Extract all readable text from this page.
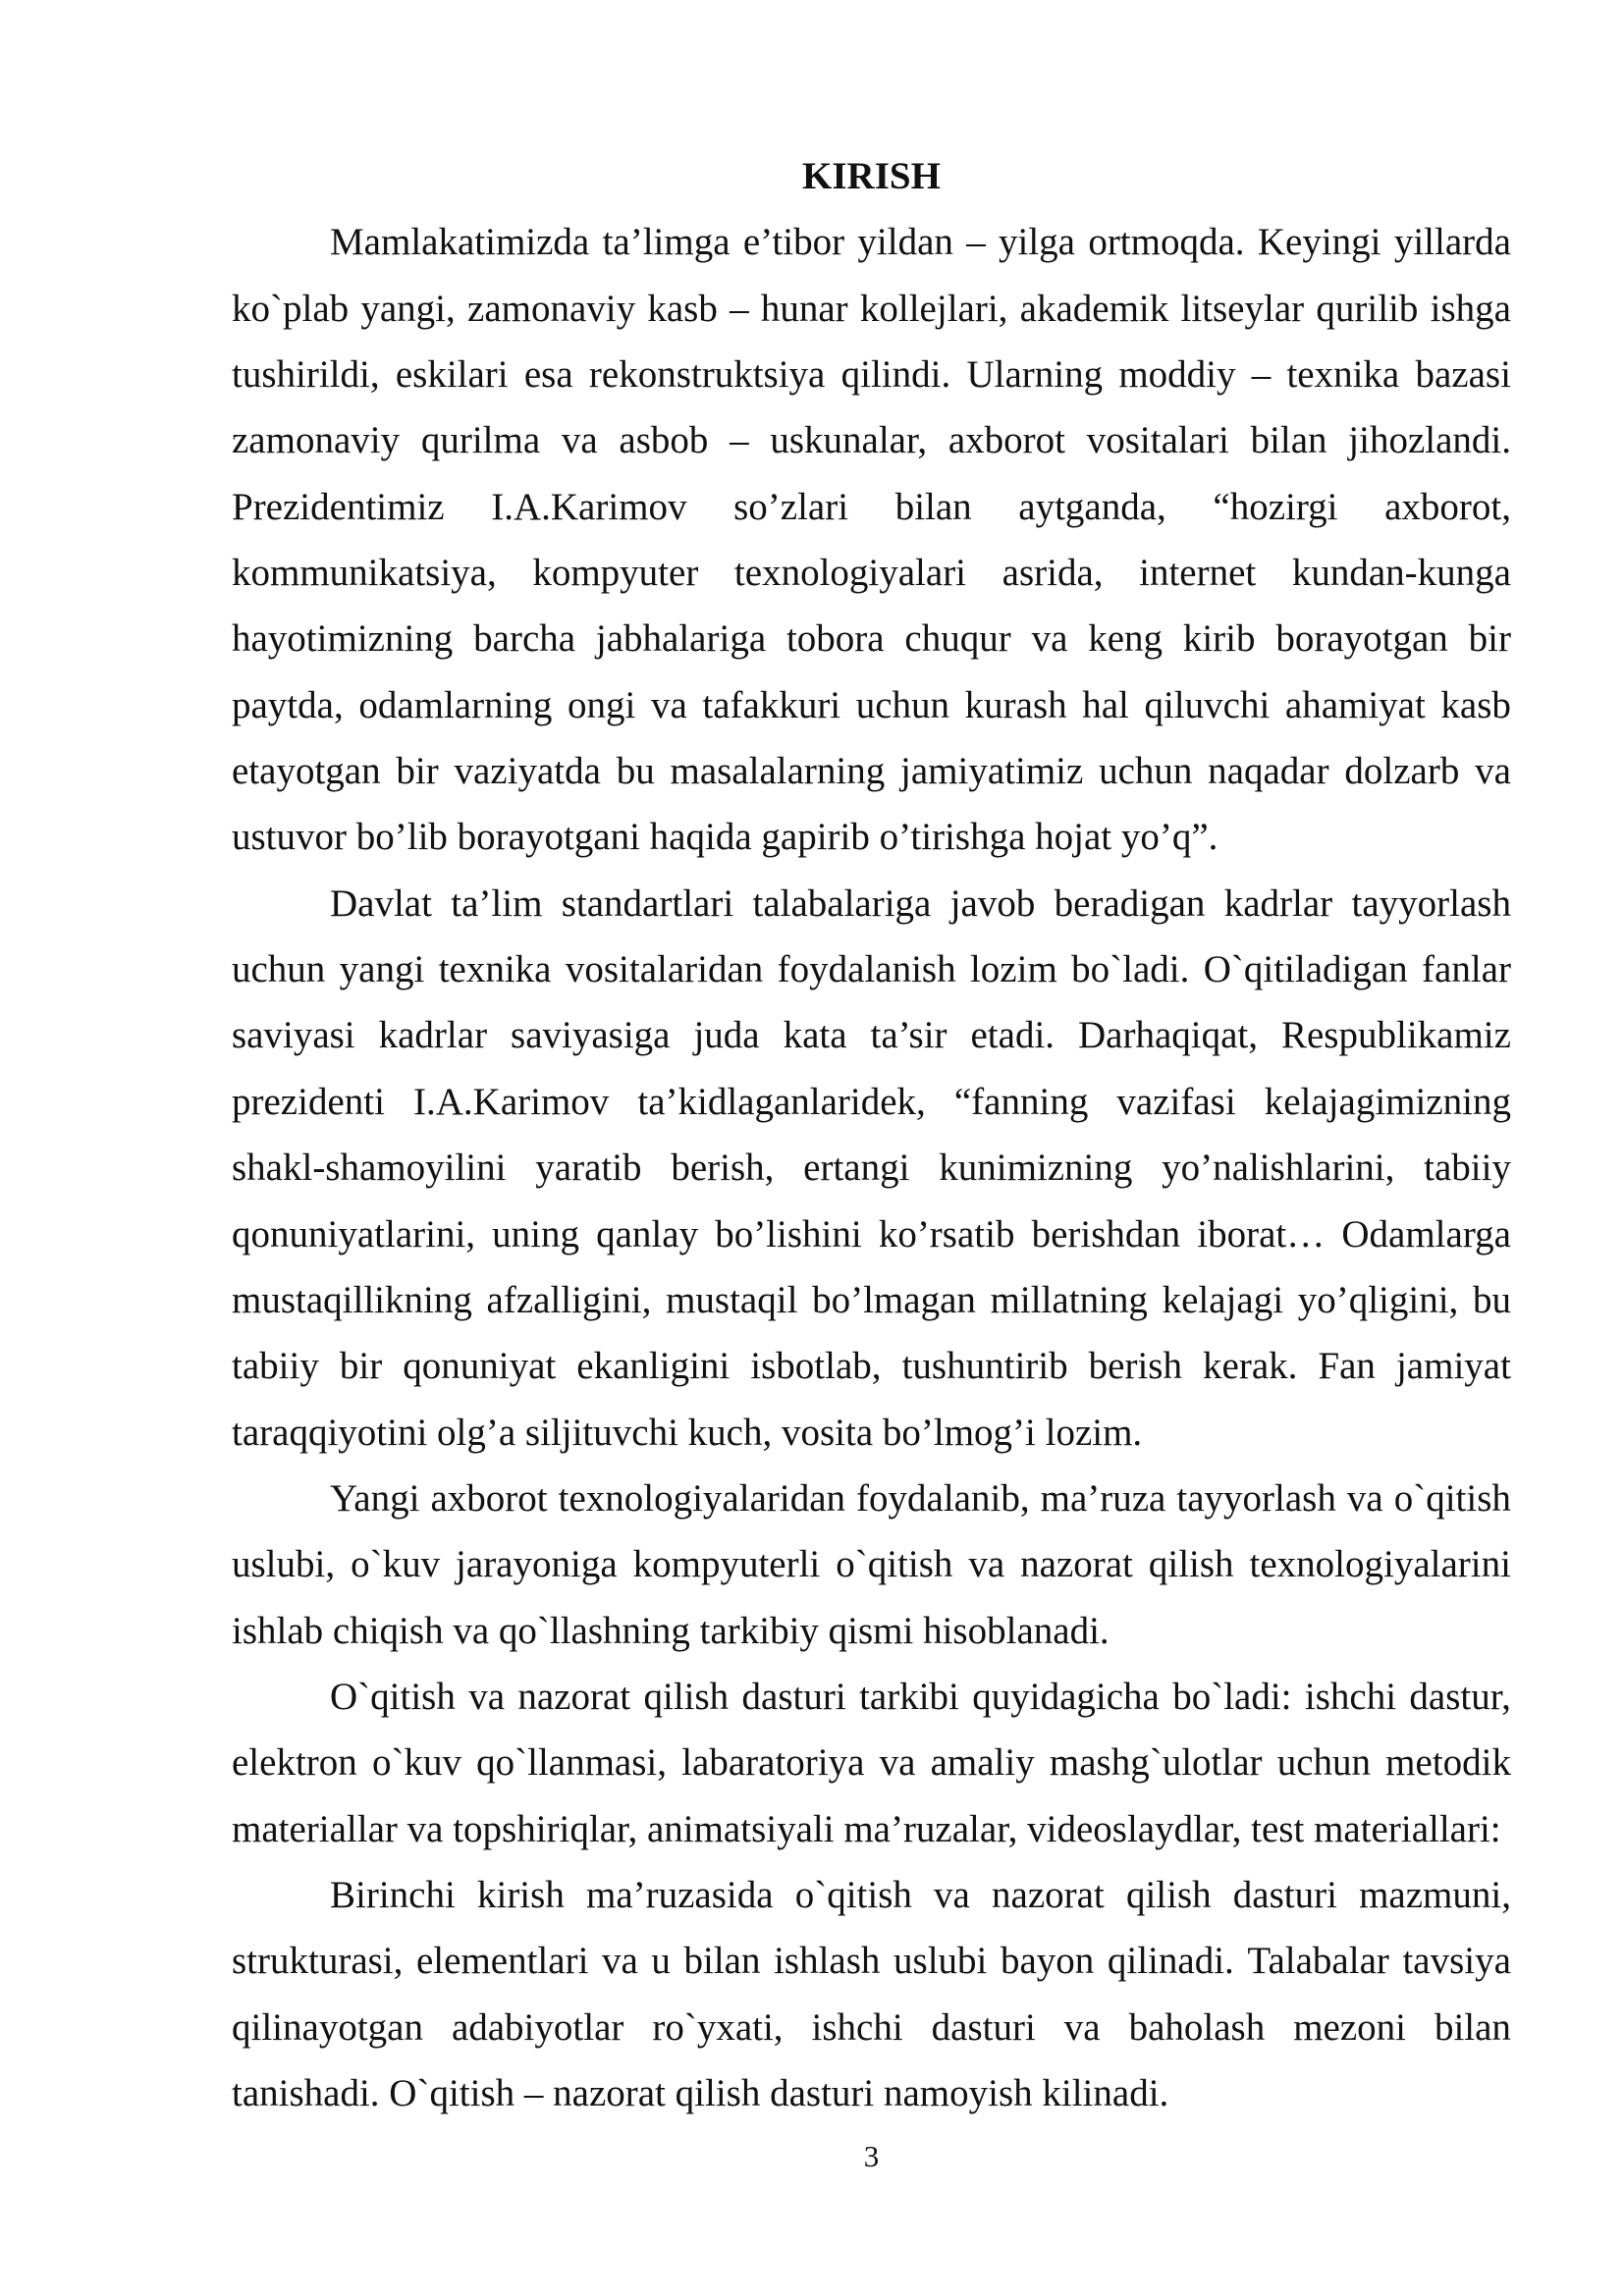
KIRISH
Mamlakatimizda ta’limga e’tibor yildan – yilga ortmoqda. Keyingi yillarda
ko`plab yangi, zamonaviy kasb – hunar kollejlari, akademik litseylar qurilib ishga
tushirildi, eskilari esa rekonstruktsiya qilindi. Ularning moddiy – texnika bazasi
zamonaviy qurilma va asbob – uskunalar, axborot vositalari bilan jihozlandi.
Prezidentimiz I.A.Karimov so’zlari bilan aytganda, “hozirgi axborot,
kommunikatsiya, kompyuter texnologiyalari asrida, internet kundan-kunga
hayotimizning barcha jabhalariga tobora chuqur va keng kirib borayotgan bir
paytda, odamlarning ongi va tafakkuri uchun kurash hal qiluvchi ahamiyat kasb
etayotgan bir vaziyatda bu masalalarning jamiyatimiz uchun naqadar dolzarb va
ustuvor bo’lib borayotgani haqida gapirib o’tirishga hojat yo’q”.
Davlat ta’lim standartlari talabalariga javob beradigan kadrlar tayyorlash
uchun yangi texnika vositalaridan foydalanish lozim bo`ladi. O`qitiladigan fanlar
saviyasi kadrlar saviyasiga juda kata ta’sir etadi. Darhaqiqat, Respublikamiz
prezidenti I.A.Karimov ta’kidlaganlaridek, “fanning vazifasi kelajagimizning
shakl-shamoyilini yaratib berish, ertangi kunimizning yo’nalishlarini, tabiiy
qonuniyatlarini, uning qanlay bo’lishini ko’rsatib berishdan iborat… Odamlarga
mustaqillikning afzalligini, mustaqil bo’lmagan millatning kelajagi yo’qligini, bu
tabiiy bir qonuniyat ekanligini isbotlab, tushuntirib berish kerak. Fan jamiyat
taraqqiyotini olg’a siljituvchi kuch, vosita bo’lmog’i lozim.
Yangi axborot texnologiyalaridan foydalanib, ma’ruza tayyorlash va o`qitish
uslubi, o`kuv jarayoniga kompyuterli o`qitish va nazorat qilish texnologiyalarini
ishlab chiqish va qo`llashning tarkibiy qismi hisoblanadi.
O`qitish va nazorat qilish dasturi tarkibi quyidagicha bo`ladi: ishchi dastur,
elektron o`kuv qo`llanmasi, labaratoriya va amaliy mashg`ulotlar uchun metodik
materiallar va topshiriqlar, animatsiyali ma’ruzalar, videoslaydlar, test materiallari:
Birinchi kirish ma’ruzasida o`qitish va nazorat qilish dasturi mazmuni,
strukturasi, elementlari va u bilan ishlash uslubi bayon qilinadi. Talabalar tavsiya
qilinayotgan adabiyotlar ro`yxati, ishchi dasturi va baholash mezoni bilan
tanishadi. O`qitish – nazorat qilish dasturi namoyish kilinadi.
3
